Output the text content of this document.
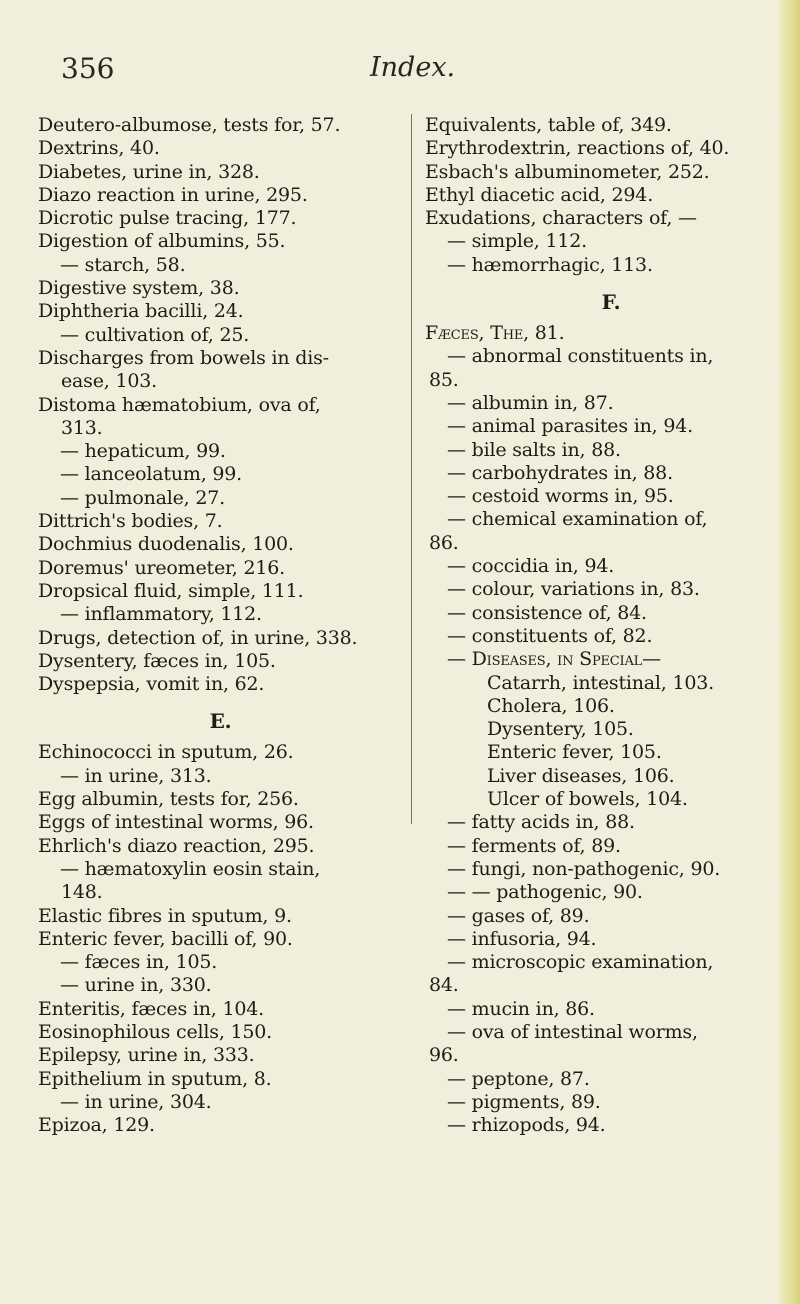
356	Index.
Deutero-albumose, tests for, 57.
Dextrins, 40.
Diabetes, urine in, 328.
Diazo reaction in urine, 295.
Dicrotic pulse tracing, 177.
Digestion of albumins, 55.
— starch, 58.
Digestive system, 38.
Diphtheria bacilli, 24.
— cultivation of, 25.
Discharges from bowels in dis-
ease, 103.
Distoma hæmatobium, ova of,
313.
— hepaticum, 99.
— lanceolatum, 99.
— pulmonale, 27.
Dittrich's bodies, 7.
Dochmius duodenalis, 100.
Doremus' ureometer, 216.
Dropsical fluid, simple, 111.
— inflammatory, 112.
Drugs, detection of, in urine, 338.
Dysentery, fæces in, 105.
Dyspepsia, vomit in, 62.
E.
Echinococci in sputum, 26.
— in urine, 313.
Egg albumin, tests for, 256.
Eggs of intestinal worms, 96.
Ehrlich's diazo reaction, 295.
— hæmatoxylin eosin stain,
148.
Elastic fibres in sputum, 9.
Enteric fever, bacilli of, 90.
— fæces in, 105.
— urine in, 330.
Enteritis, fæces in, 104.
Eosinophilous cells, 150.
Epilepsy, urine in, 333.
Epithelium in sputum, 8.
— in urine, 304.
Epizoa, 129.
Equivalents, table of, 349.
Erythrodextrin, reactions of, 40.
Esbach's albuminometer, 252.
Ethyl diacetic acid, 294.
Exudations, characters of, —
— simple, 112.
— hæmorrhagic, 113.
F.
Fæces, The, 81.
— abnormal constituents in,
85.
— albumin in, 87.
— animal parasites in, 94.
— bile salts in, 88.
— carbohydrates in, 88.
— cestoid worms in, 95.
— chemical examination of,
86.
— coccidia in, 94.
— colour, variations in, 83.
— consistence of, 84.
— constituents of, 82.
— Diseases, in Special—
Catarrh, intestinal, 103.
Cholera, 106.
Dysentery, 105.
Enteric fever, 105.
Liver diseases, 106.
Ulcer of bowels, 104.
— fatty acids in, 88.
— ferments of, 89.
— fungi, non-pathogenic, 90.
— — pathogenic, 90.
— gases of, 89.
— infusoria, 94.
— microscopic examination,
84.
— mucin in, 86.
— ova of intestinal worms,
96.
— peptone, 87.
— pigments, 89.
— rhizopods, 94.
